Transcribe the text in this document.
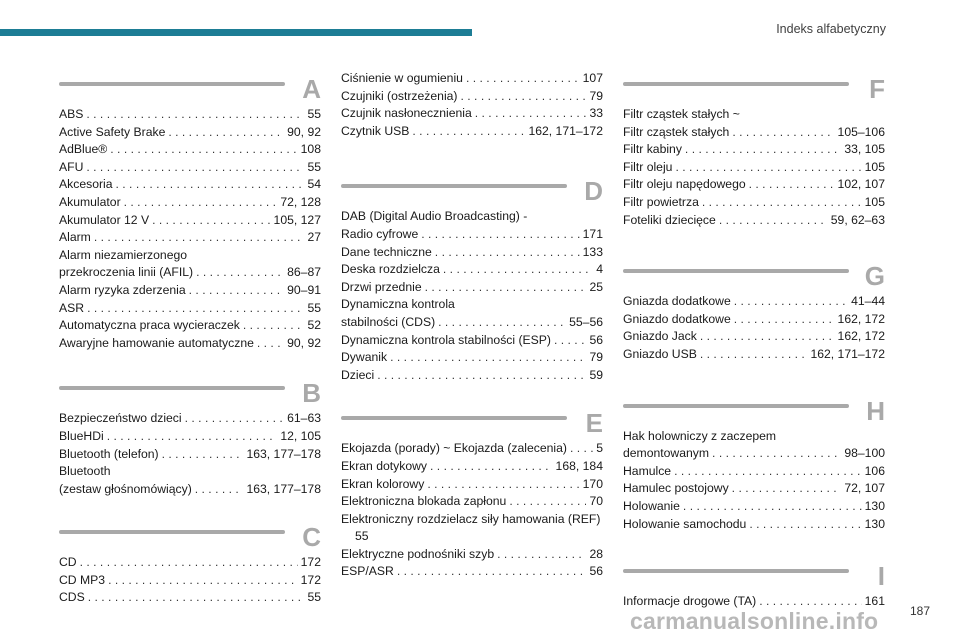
Indeks alfabetyczny
A
ABS . . .	55
Active Safety Brake . . .	90, 92
AdBlue® . . .	108
AFU . . .	55
Akcesoria . . .	54
Akumulator . . .	72, 128
Akumulator 12 V . . .	105, 127
Alarm . . .	27
Alarm niezamierzonego
przekroczenia linii (AFIL) . . .	86–87
Alarm ryzyka zderzenia . . .	90–91
ASR . . .	55
Automatyczna praca wycieraczek . . .	52
Awaryjne hamowanie automatyczne . . .	90, 92
B
Bezpieczeństwo dzieci . . .	61–63
BlueHDi . . .	12, 105
Bluetooth (telefon) . . .	163, 177–178
Bluetooth
(zestaw głośnomówiący) . . .	163, 177–178
C
CD . . .	172
CD MP3 . . .	172
CDS . . .	55
Ciśnienie w ogumieniu . . .	107
Czujniki (ostrzeżenia) . . .	79
Czujnik nasłonecznienia . . .	33
Czytnik USB . . .	162, 171–172
D
DAB (Digital Audio Broadcasting) -
Radio cyfrowe . . .	171
Dane techniczne . . .	133
Deska rozdzielcza . . .	4
Drzwi przednie . . .	25
Dynamiczna kontrola
stabilności (CDS) . . .	55–56
Dynamiczna kontrola stabilności (ESP) . . .	56
Dywanik . . .	79
Dzieci . . .	59
E
Ekojazda (porady) ~ Ekojazda (zalecenia) . . . 5
Ekran dotykowy . . .	168, 184
Ekran kolorowy . . .	170
Elektroniczna blokada zapłonu . . .	70
Elektroniczny rozdzielacz siły hamowania (REF)
55
Elektryczne podnośniki szyb . . .	28
ESP/ASR . . .	56
F
Filtr cząstek stałych ~
Filtr cząstek stałych . . .	105–106
Filtr kabiny . . .	33, 105
Filtr oleju . . .	105
Filtr oleju napędowego . . .	102, 107
Filtr powietrza . . .	105
Foteliki dziecięce . . .	59, 62–63
G
Gniazda dodatkowe . . .	41–44
Gniazdo dodatkowe . . .	162, 172
Gniazdo Jack . . .	162, 172
Gniazdo USB . . .	162, 171–172
H
Hak holowniczy z zaczepem
demontowanym . . .	98–100
Hamulce . . .	106
Hamulec postojowy . . .	72, 107
Holowanie . . .	130
Holowanie samochodu . . .	130
I
Informacje drogowe (TA) . . .	161
187
carmanualsonline.info
